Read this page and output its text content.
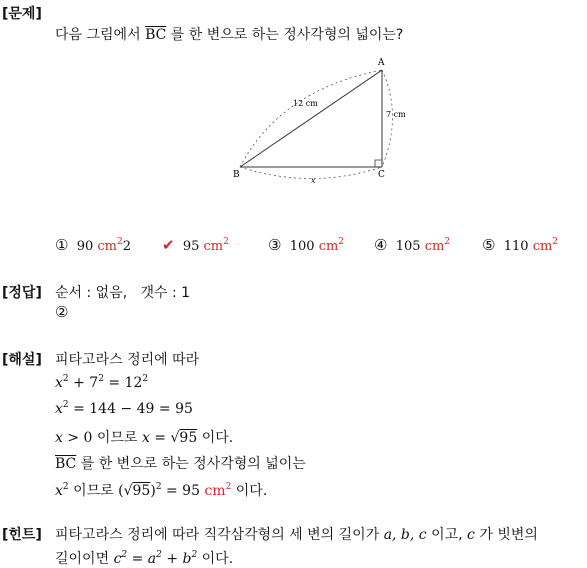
[문제]
다음 그림에서 $\overline{BC}$ 를 한 변으로 하는 정사각형의 넓이는?
A
B	C
12 cm
7 cm
x
① 90 $cm^22$ ✔ 95 $cm^2$	③ 100 $cm^2$ ④ 105 $cm^2$ ⑤ 110 $cm^2$
[정답] 순서 : 없음,   갯수 : 1
②
[해설] 피타고라스 정리에 따라
$x^2 + 7^2 = 12^2$
$x^2 = 144 - 49 = 95$
x > 0 이므로 x = √95 이다.
$\overline{BC}$ 를 한 변으로 하는 정사각형의 넓이는
$x^2$ 이므로 $(√95)^2 = 95$ $cm^2$ 이다.
[힌트] 피타고라스 정리에 따라 직각삼각형의 세 변의 길이가 a, b, c 이고, c 가 빗변의
길이이면 $c^2 = a^2 + b^2$ 이다.
